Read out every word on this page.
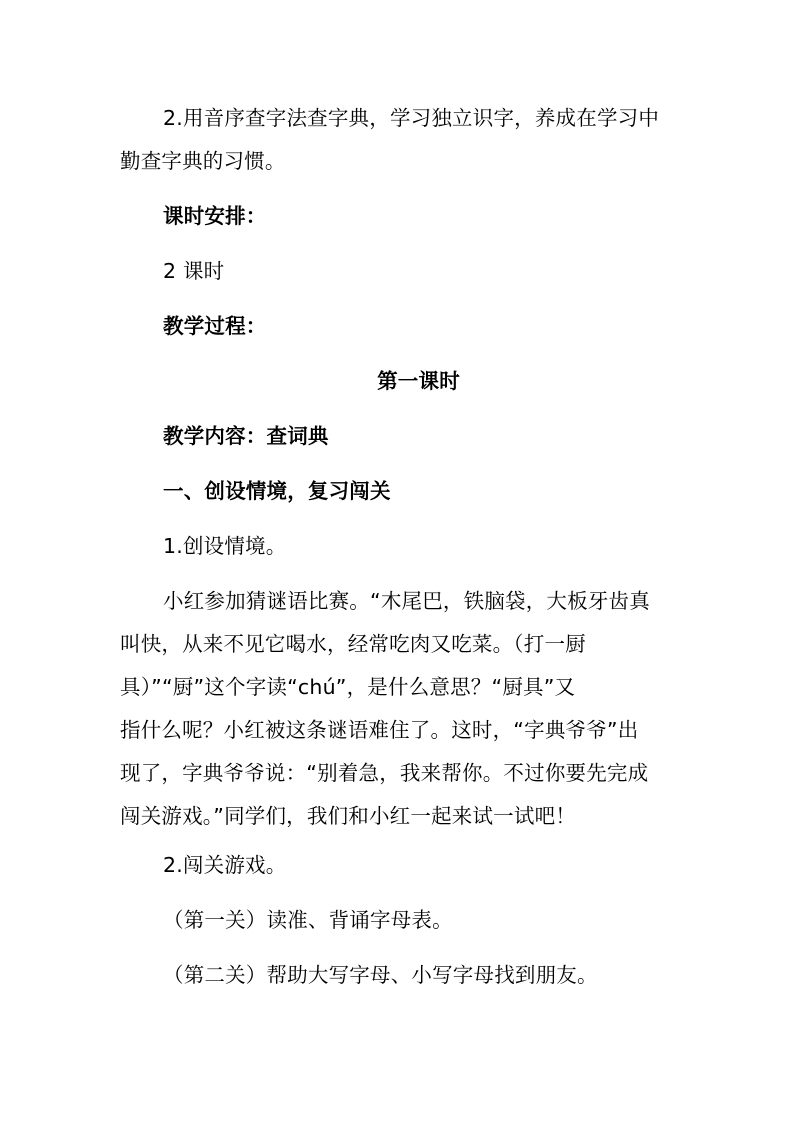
2.用音序查字法查字典，学习独立识字，养成在学习中
勤查字典的习惯。
课时安排：
2 课时
教学过程：
第一课时
教学内容：查词典
一、创设情境，复习闯关
1.创设情境。
小红参加猜谜语比赛。“木尾巴，铁脑袋，大板牙齿真
叫快，从来不见它喝水，经常吃肉又吃菜。（打一厨
具）”“厨”这个字读“chú”，是什么意思？“厨具”又
指什么呢？小红被这条谜语难住了。这时，“字典爷爷”出
现了，字典爷爷说：“别着急，我来帮你。不过你要先完成
闯关游戏。”同学们，我们和小红一起来试一试吧！
2.闯关游戏。
（第一关）读准、背诵字母表。
（第二关）帮助大写字母、小写字母找到朋友。
